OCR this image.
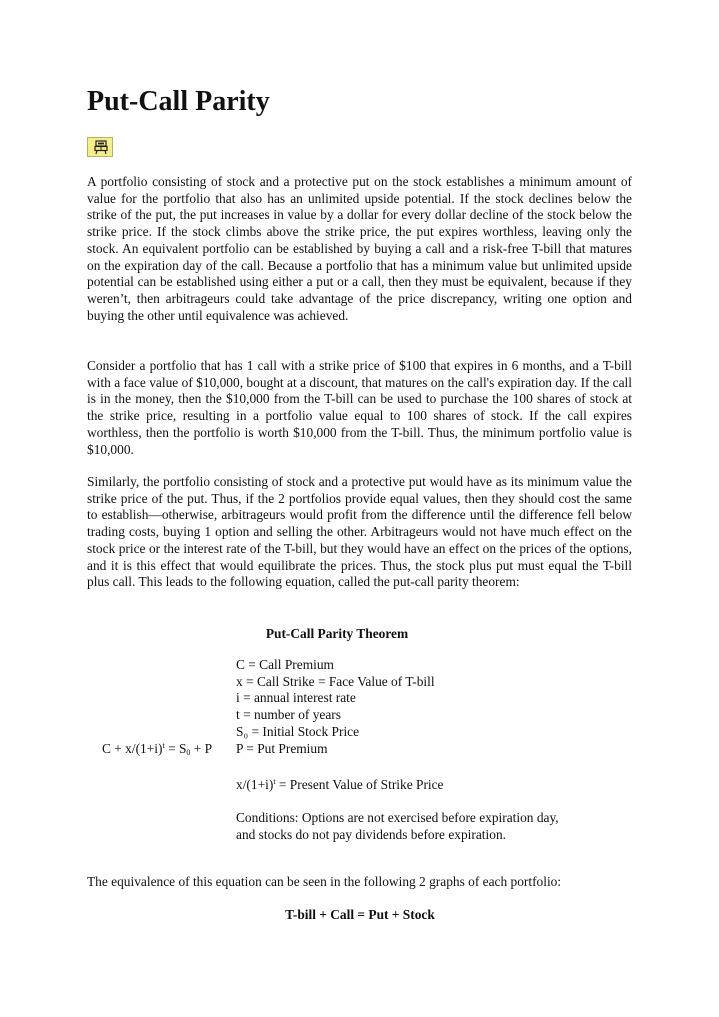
Put-Call Parity

A portfolio consisting of stock and a protective put on the stock establishes a minimum amount of value for the portfolio that also has an unlimited upside potential. If the stock declines below the strike of the put, the put increases in value by a dollar for every dollar decline of the stock below the strike price. If the stock climbs above the strike price, the put expires worthless, leaving only the stock. An equivalent portfolio can be established by buying a call and a risk-free T-bill that matures on the expiration day of the call. Because a portfolio that has a minimum value but unlimited upside potential can be established using either a put or a call, then they must be equivalent, because if they weren’t, then arbitrageurs could take advantage of the price discrepancy, writing one option and buying the other until equivalence was achieved.

Consider a portfolio that has 1 call with a strike price of $100 that expires in 6 months, and a T-bill with a face value of $10,000, bought at a discount, that matures on the call's expiration day. If the call is in the money, then the $10,000 from the T-bill can be used to purchase the 100 shares of stock at the strike price, resulting in a portfolio value equal to 100 shares of stock. If the call expires worthless, then the portfolio is worth $10,000 from the T-bill. Thus, the minimum portfolio value is $10,000.

Similarly, the portfolio consisting of stock and a protective put would have as its minimum value the strike price of the put. Thus, if the 2 portfolios provide equal values, then they should cost the same to establish—otherwise, arbitrageurs would profit from the difference until the difference fell below trading costs, buying 1 option and selling the other. Arbitrageurs would not have much effect on the stock price or the interest rate of the T-bill, but they would have an effect on the prices of the options, and it is this effect that would equilibrate the prices. Thus, the stock plus put must equal the T-bill plus call. This leads to the following equation, called the put-call parity theorem:

Put-Call Parity Theorem
$C + x/(1+i)^t = S_0 + P$
C = Call Premium
x = Call Strike = Face Value of T-bill
i = annual interest rate
t = number of years
S₀ = Initial Stock Price
P = Put Premium
$x/(1+i)^t$ = Present Value of Strike Price
Conditions: Options are not exercised before expiration day,
and stocks do not pay dividends before expiration.

The equivalence of this equation can be seen in the following 2 graphs of each portfolio:

T-bill + Call = Put + Stock
